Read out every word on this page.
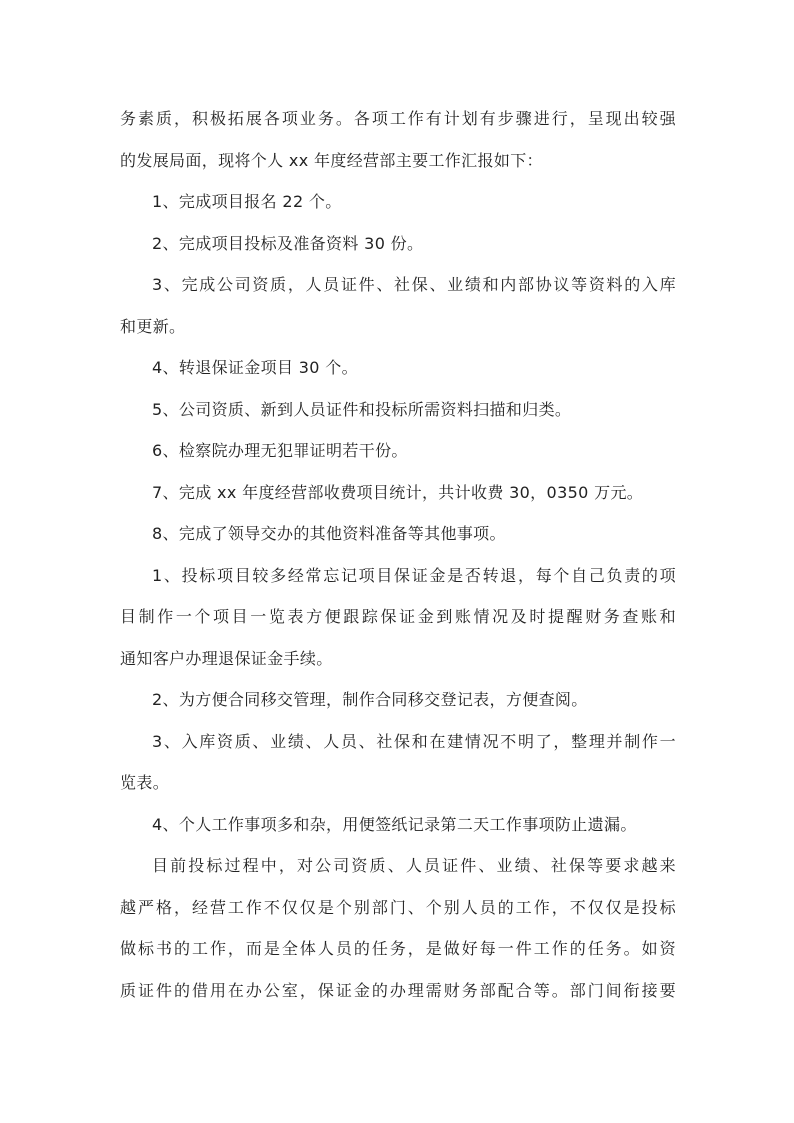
务素质，积极拓展各项业务。各项工作有计划有步骤进行，呈现出较强
的发展局面，现将个人 xx 年度经营部主要工作汇报如下：
1、完成项目报名 22 个。
2、完成项目投标及准备资料 30 份。
3、完成公司资质，人员证件、社保、业绩和内部协议等资料的入库
和更新。
4、转退保证金项目 30 个。
5、公司资质、新到人员证件和投标所需资料扫描和归类。
6、检察院办理无犯罪证明若干份。
7、完成 xx 年度经营部收费项目统计，共计收费 30，0350 万元。
8、完成了领导交办的其他资料准备等其他事项。
1、投标项目较多经常忘记项目保证金是否转退，每个自己负责的项
目制作一个项目一览表方便跟踪保证金到账情况及时提醒财务查账和
通知客户办理退保证金手续。
2、为方便合同移交管理，制作合同移交登记表，方便查阅。
3、入库资质、业绩、人员、社保和在建情况不明了，整理并制作一
览表。
4、个人工作事项多和杂，用便签纸记录第二天工作事项防止遗漏。
目前投标过程中，对公司资质、人员证件、业绩、社保等要求越来
越严格，经营工作不仅仅是个别部门、个别人员的工作，不仅仅是投标
做标书的工作，而是全体人员的任务，是做好每一件工作的任务。如资
质证件的借用在办公室，保证金的办理需财务部配合等。部门间衔接要
